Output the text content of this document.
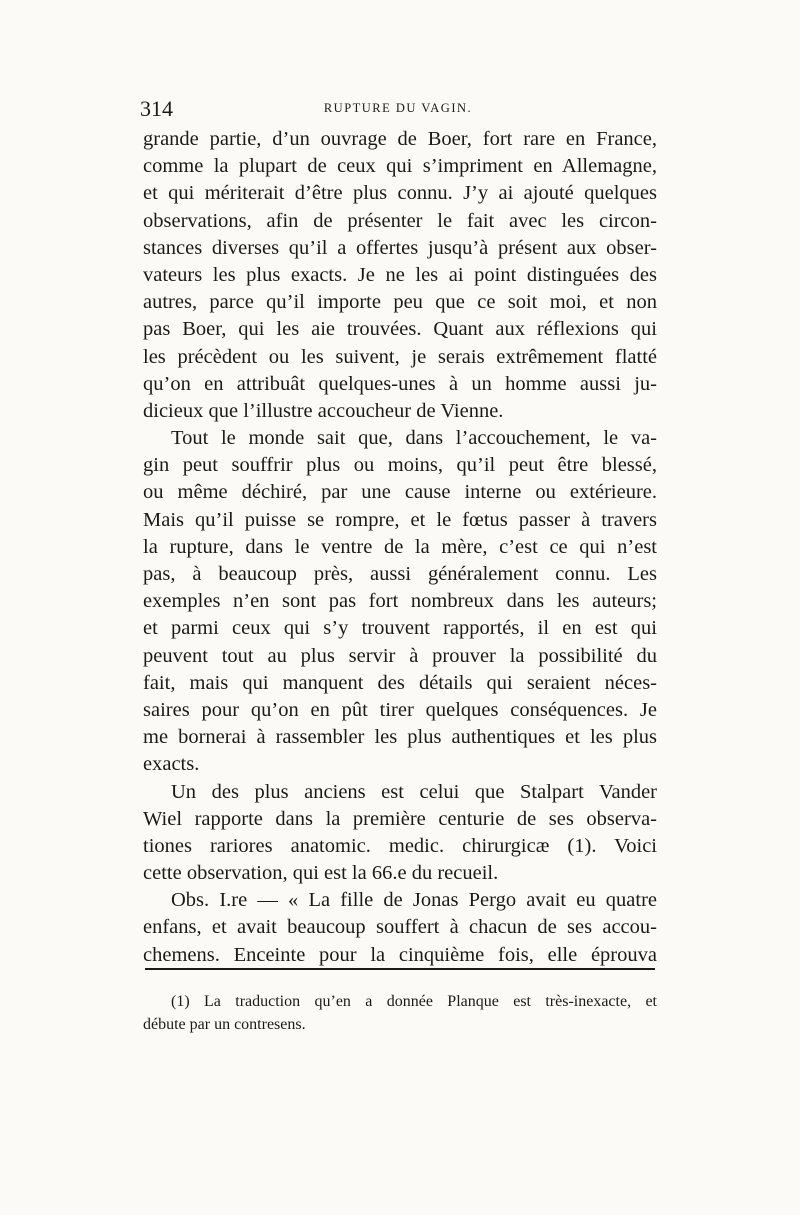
314	RUPTURE DU VAGIN.
grande partie, d’un ouvrage de Boer, fort rare en France,
comme la plupart de ceux qui s’impriment en Allemagne,
et qui mériterait d’être plus connu. J’y ai ajouté quelques
observations, afin de présenter le fait avec les circon-
stances diverses qu’il a offertes jusqu’à présent aux obser-
vateurs les plus exacts. Je ne les ai point distinguées des
autres, parce qu’il importe peu que ce soit moi, et non
pas Boer, qui les aie trouvées. Quant aux réflexions qui
les précèdent ou les suivent, je serais extrêmement flatté
qu’on en attribuât quelques-unes à un homme aussi ju-
dicieux que l’illustre accoucheur de Vienne.
Tout le monde sait que, dans l’accouchement, le va-
gin peut souffrir plus ou moins, qu’il peut être blessé,
ou même déchiré, par une cause interne ou extérieure.
Mais qu’il puisse se rompre, et le fœtus passer à travers
la rupture, dans le ventre de la mère, c’est ce qui n’est
pas, à beaucoup près, aussi généralement connu. Les
exemples n’en sont pas fort nombreux dans les auteurs;
et parmi ceux qui s’y trouvent rapportés, il en est qui
peuvent tout au plus servir à prouver la possibilité du
fait, mais qui manquent des détails qui seraient néces-
saires pour qu’on en pût tirer quelques conséquences. Je
me bornerai à rassembler les plus authentiques et les plus
exacts.
Un des plus anciens est celui que Stalpart Vander
Wiel rapporte dans la première centurie de ses observa-
tiones rariores anatomic. medic. chirurgicæ (1). Voici
cette observation, qui est la 66.e du recueil.
Obs. I.re — « La fille de Jonas Pergo avait eu quatre
enfans, et avait beaucoup souffert à chacun de ses accou-
chemens. Enceinte pour la cinquième fois, elle éprouva
(1) La traduction qu’en a donnée Planque est très-inexacte, et
débute par un contresens.
